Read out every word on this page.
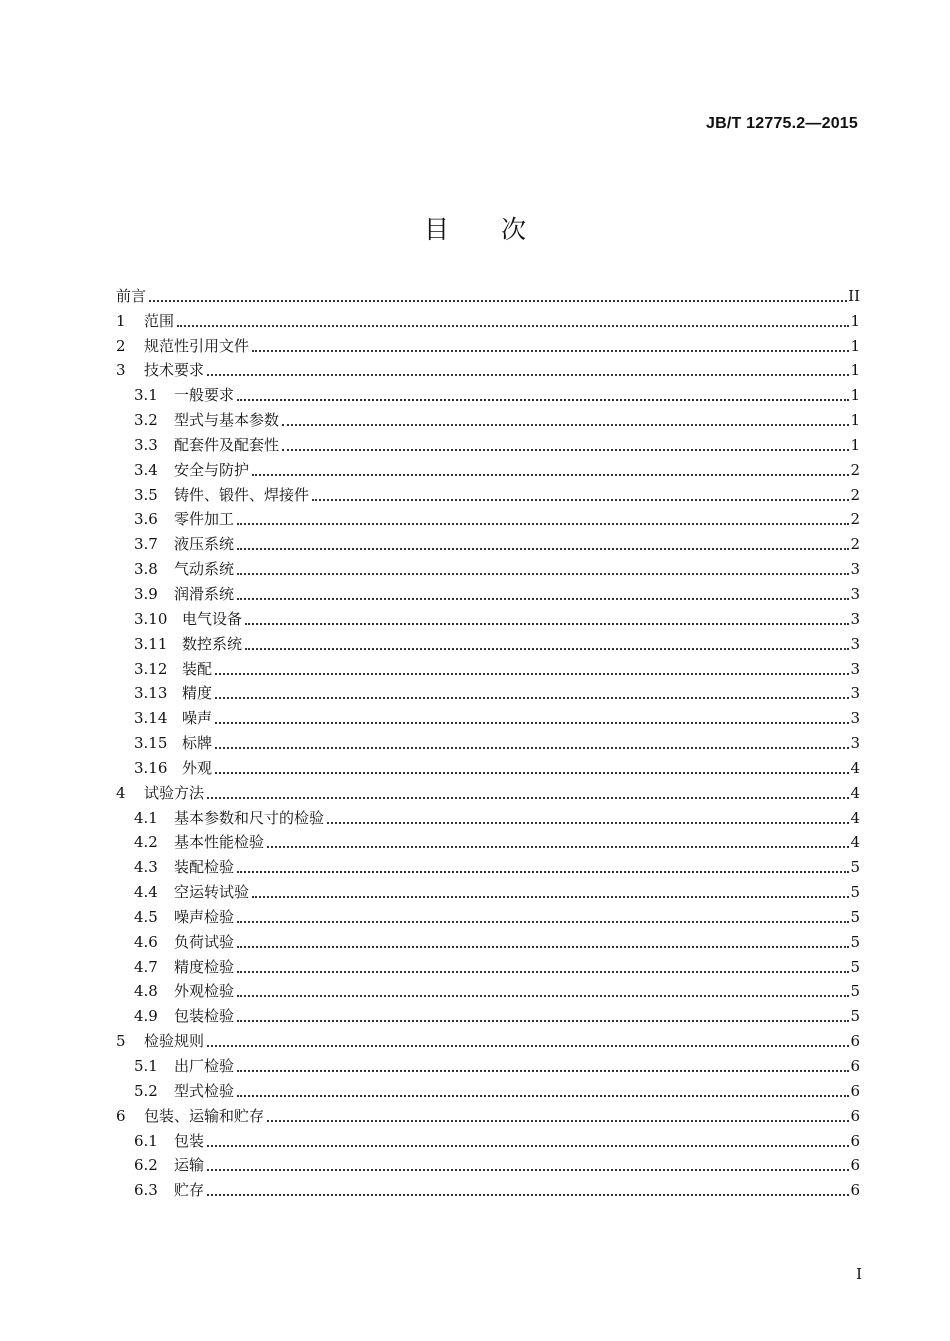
JB/T 12775.2—2015
目 次
前言	II
1	范围	1
2	规范性引用文件	1
3	技术要求	1
3.1	一般要求	1
3.2	型式与基本参数	1
3.3	配套件及配套性	1
3.4	安全与防护	2
3.5	铸件、锻件、焊接件	2
3.6	零件加工	2
3.7	液压系统	2
3.8	气动系统	3
3.9	润滑系统	3
3.10 电气设备	3
3.11 数控系统	3
3.12 装配	3
3.13 精度	3
3.14 噪声	3
3.15 标牌	3
3.16 外观	4
4	试验方法	4
4.1	基本参数和尺寸的检验	4
4.2	基本性能检验	4
4.3	装配检验	5
4.4	空运转试验	5
4.5	噪声检验	5
4.6	负荷试验	5
4.7	精度检验	5
4.8	外观检验	5
4.9	包装检验	5
5	检验规则	6
5.1	出厂检验	6
5.2	型式检验	6
6	包装、运输和贮存	6
6.1	包装	6
6.2	运输	6
6.3	贮存	6
I
